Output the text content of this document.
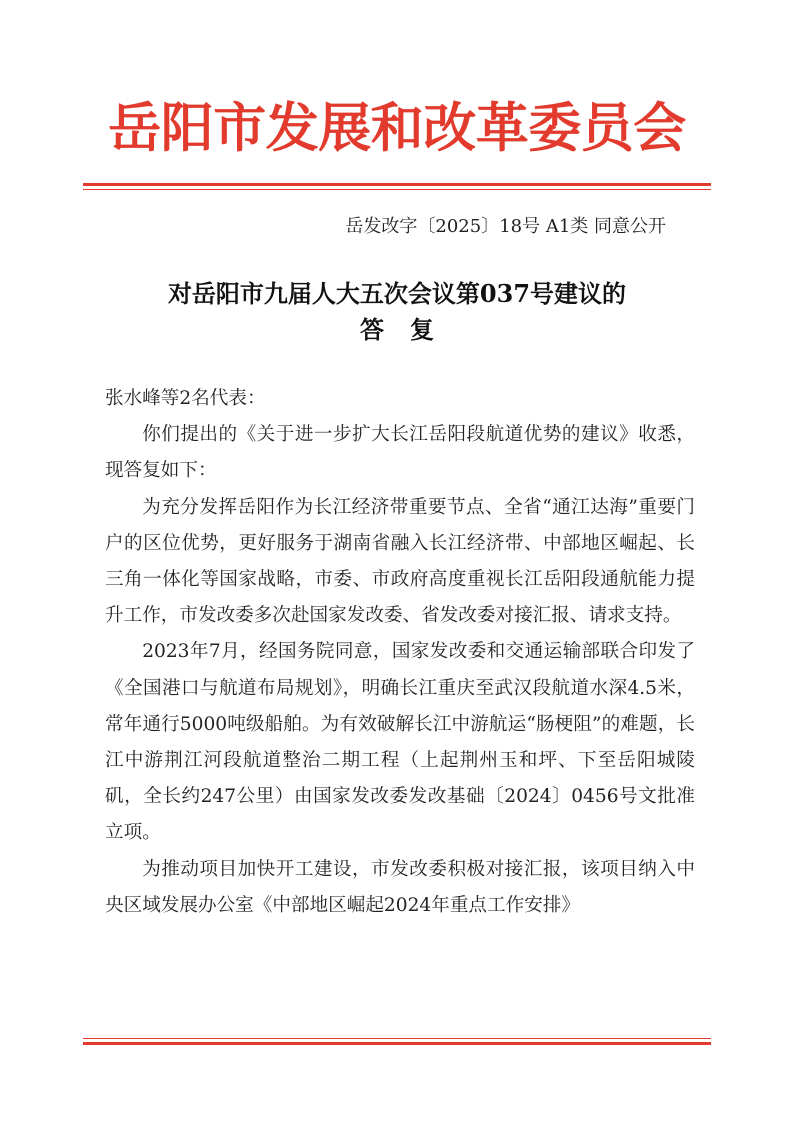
岳阳市发展和改革委员会
岳发改字〔2025〕18号 A1类 同意公开
对岳阳市九届人大五次会议第037号建议的
答复

张水峰等2名代表：

你们提出的《关于进一步扩大长江岳阳段航道优势的建议》收悉，现答复如下：

为充分发挥岳阳作为长江经济带重要节点、全省“通江达海”重要门户的区位优势，更好服务于湖南省融入长江经济带、中部地区崛起、长三角一体化等国家战略，市委、市政府高度重视长江岳阳段通航能力提升工作，市发改委多次赴国家发改委、省发改委对接汇报、请求支持。

2023年7月，经国务院同意，国家发改委和交通运输部联合印发了《全国港口与航道布局规划》，明确长江重庆至武汉段航道水深4.5米，常年通行5000吨级船舶。为有效破解长江中游航运“肠梗阻”的难题，长江中游荆江河段航道整治二期工程（上起荆州玉和坪、下至岳阳城陵矶，全长约247公里）由国家发改委发改基础〔2024〕0456号文批准立项。

为推动项目加快开工建设，市发改委积极对接汇报，该项目纳入中央区域发展办公室《中部地区崛起2024年重点工作安排》
